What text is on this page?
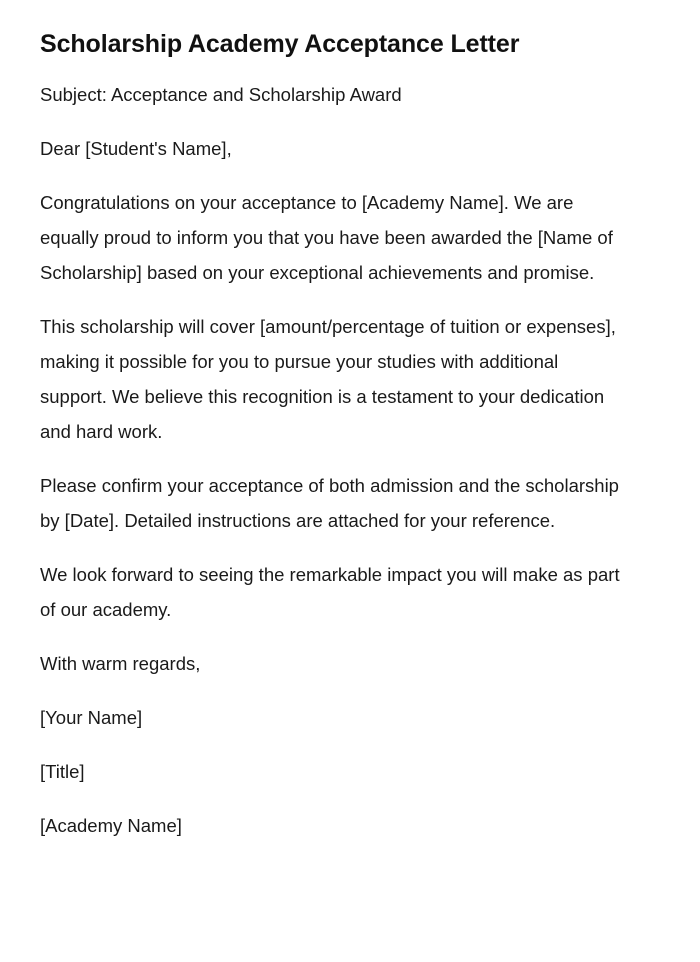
Scholarship Academy Acceptance Letter

Subject: Acceptance and Scholarship Award

Dear [Student's Name],

Congratulations on your acceptance to [Academy Name]. We are equally proud to inform you that you have been awarded the [Name of Scholarship] based on your exceptional achievements and promise.

This scholarship will cover [amount/percentage of tuition or expenses], making it possible for you to pursue your studies with additional support. We believe this recognition is a testament to your dedication and hard work.

Please confirm your acceptance of both admission and the scholarship by [Date]. Detailed instructions are attached for your reference.

We look forward to seeing the remarkable impact you will make as part of our academy.

With warm regards,

[Your Name]

[Title]

[Academy Name]
